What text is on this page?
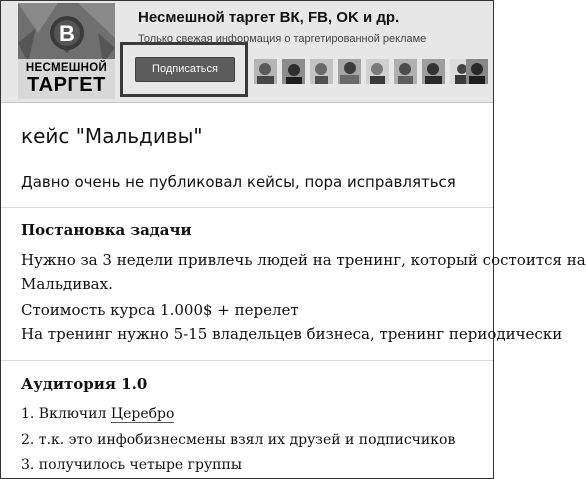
В
НЕСМЕШНОЙ
ТАРГЕТ
Несмешной таргет ВК, FB, OK и др.
Только свежая информация о таргетированной рекламе
Подписаться
кейс "Мальдивы"
Давно очень не публиковал кейсы, пора исправляться
Постановка задачи
Нужно за 3 недели привлечь людей на тренинг, который состоится на
Мальдивах.
Стоимость курса 1.000$ + перелет
На тренинг нужно 5-15 владельцев бизнеса, тренинг периодически
Аудитория 1.0
1. Включил Церебро
2. т.к. это инфобизнесмены взял их друзей и подписчиков
3. получилось четыре группы
